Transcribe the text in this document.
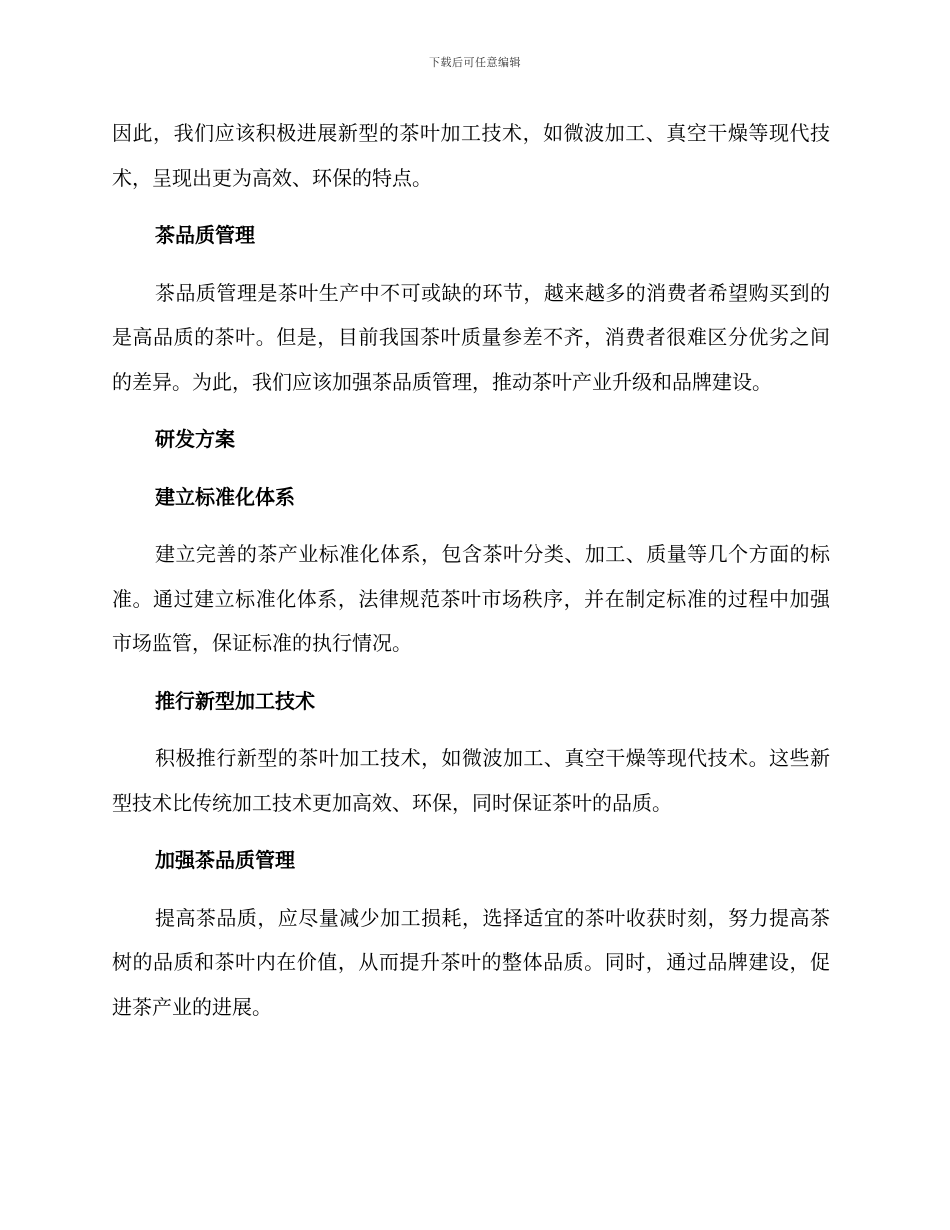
下载后可任意编辑

因此，我们应该积极进展新型的茶叶加工技术，如微波加工、真空干燥等现代技术，呈现出更为高效、环保的特点。

茶品质管理

茶品质管理是茶叶生产中不可或缺的环节，越来越多的消费者希望购买到的是高品质的茶叶。但是，目前我国茶叶质量参差不齐，消费者很难区分优劣之间的差异。为此，我们应该加强茶品质管理，推动茶叶产业升级和品牌建设。

研发方案
建立标准化体系

建立完善的茶产业标准化体系，包含茶叶分类、加工、质量等几个方面的标准。通过建立标准化体系，法律规范茶叶市场秩序，并在制定标准的过程中加强市场监管，保证标准的执行情况。

推行新型加工技术

积极推行新型的茶叶加工技术，如微波加工、真空干燥等现代技术。这些新型技术比传统加工技术更加高效、环保，同时保证茶叶的品质。

加强茶品质管理

提高茶品质，应尽量减少加工损耗，选择适宜的茶叶收获时刻，努力提高茶树的品质和茶叶内在价值，从而提升茶叶的整体品质。同时，通过品牌建设，促进茶产业的进展。
